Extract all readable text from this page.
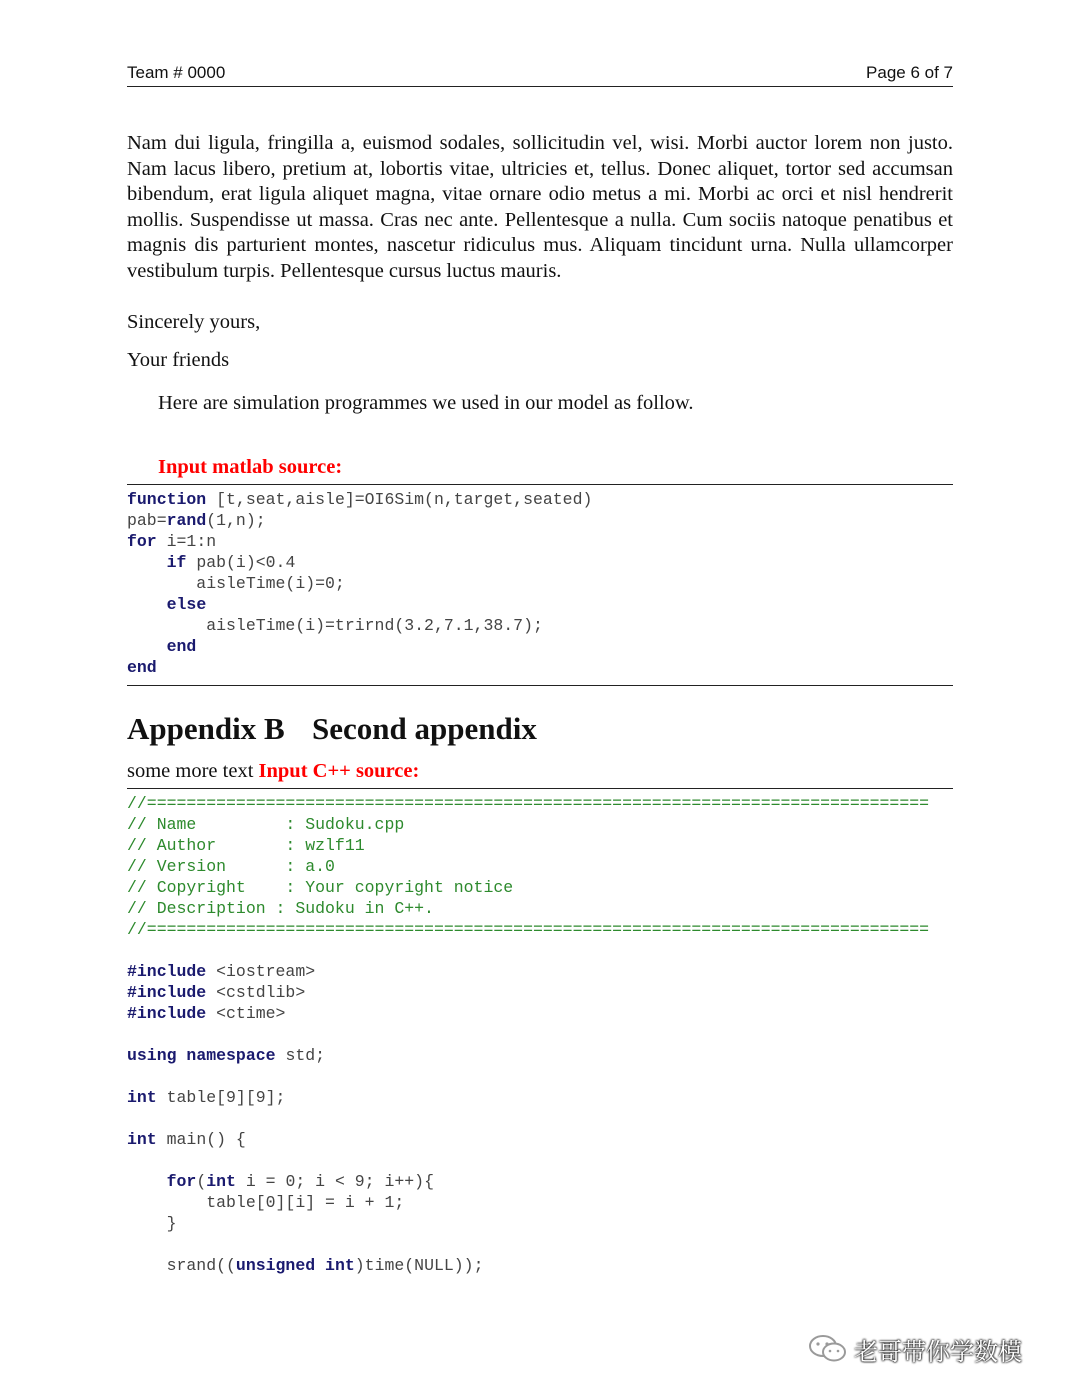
Team # 0000	Page 6 of 7
Nam dui ligula, fringilla a, euismod sodales, sollicitudin vel, wisi. Morbi auctor lorem non justo. Nam lacus libero, pretium at, lobortis vitae, ultricies et, tellus. Donec aliquet, tortor sed accumsan bibendum, erat ligula aliquet magna, vitae ornare odio metus a mi. Morbi ac orci et nisl hendrerit mollis. Suspendisse ut massa. Cras nec ante. Pellentesque a nulla. Cum sociis natoque penatibus et magnis dis parturient montes, nascetur ridiculus mus. Aliquam tincidunt urna. Nulla ullamcorper vestibulum turpis. Pellentesque cursus luctus mauris.
Sincerely yours,
Your friends
Here are simulation programmes we used in our model as follow.
Input matlab source:
function [t,seat,aisle]=OI6Sim(n,target,seated)
pab=rand(1,n);
for i=1:n
if pab(i)<0.4
aisleTime(i)=0;
else
aisleTime(i)=trirnd(3.2,7.1,38.7);
end
end
Appendix B Second appendix
some more text Input C++ source:
//===============================================================================
// Name         : Sudoku.cpp
// Author       : wzlf11
// Version      : a.0
// Copyright    : Your copyright notice
// Description : Sudoku in C++.
//===============================================================================

#include <iostream>
#include <cstdlib>
#include <ctime>

using namespace std;

int table[9][9];

int main() {

for(int i = 0; i < 9; i++){
table[0][i] = i + 1;
}

srand((unsigned int)time(NULL));
老哥带你学数模
